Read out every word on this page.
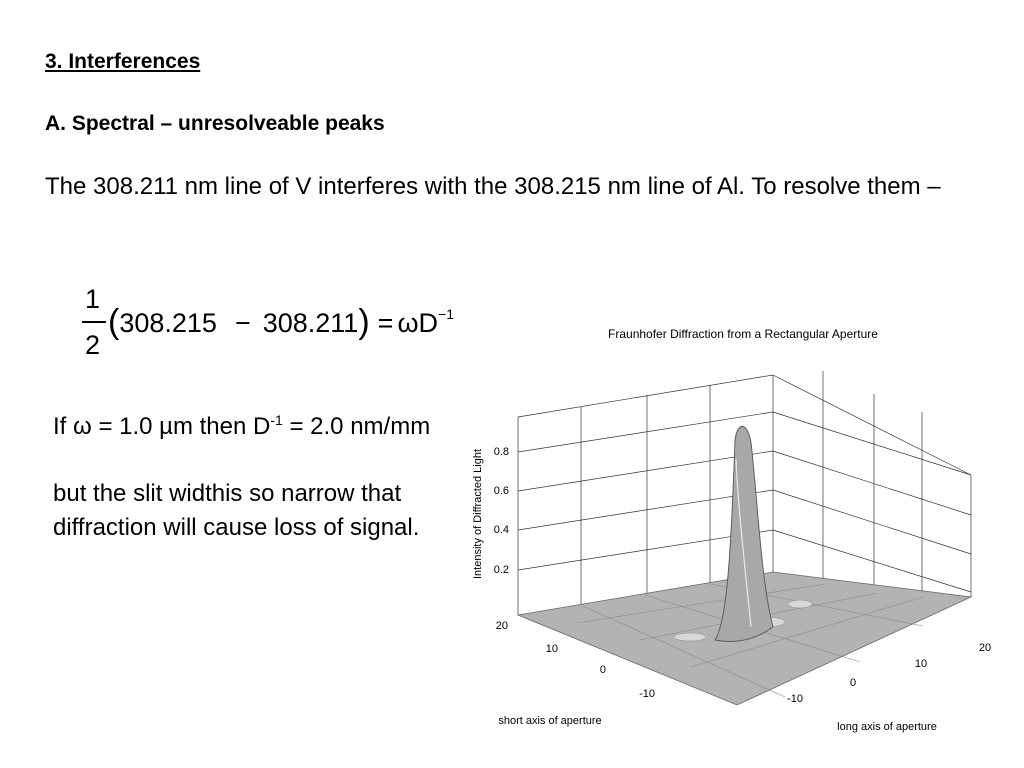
3. Interferences
A. Spectral – unresolveable peaks
The 308.211 nm line of V interferes with the 308.215 nm line of Al. To resolve them –
1
2
$(308.215 - 308.211) = \omega D^{-1}$
If ω = 1.0 µm then $D^{-1} = 2.0$ nm/mm
but the slit widthis so narrow that diffraction will cause loss of signal.
Fraunhofer Diffraction from a Rectangular Aperture
0.8
0.6
0.4
0.2
Intensity of Diffracted Light
20
10
0
-10
short axis of aperture
-10
0
10
20
long axis of aperture
